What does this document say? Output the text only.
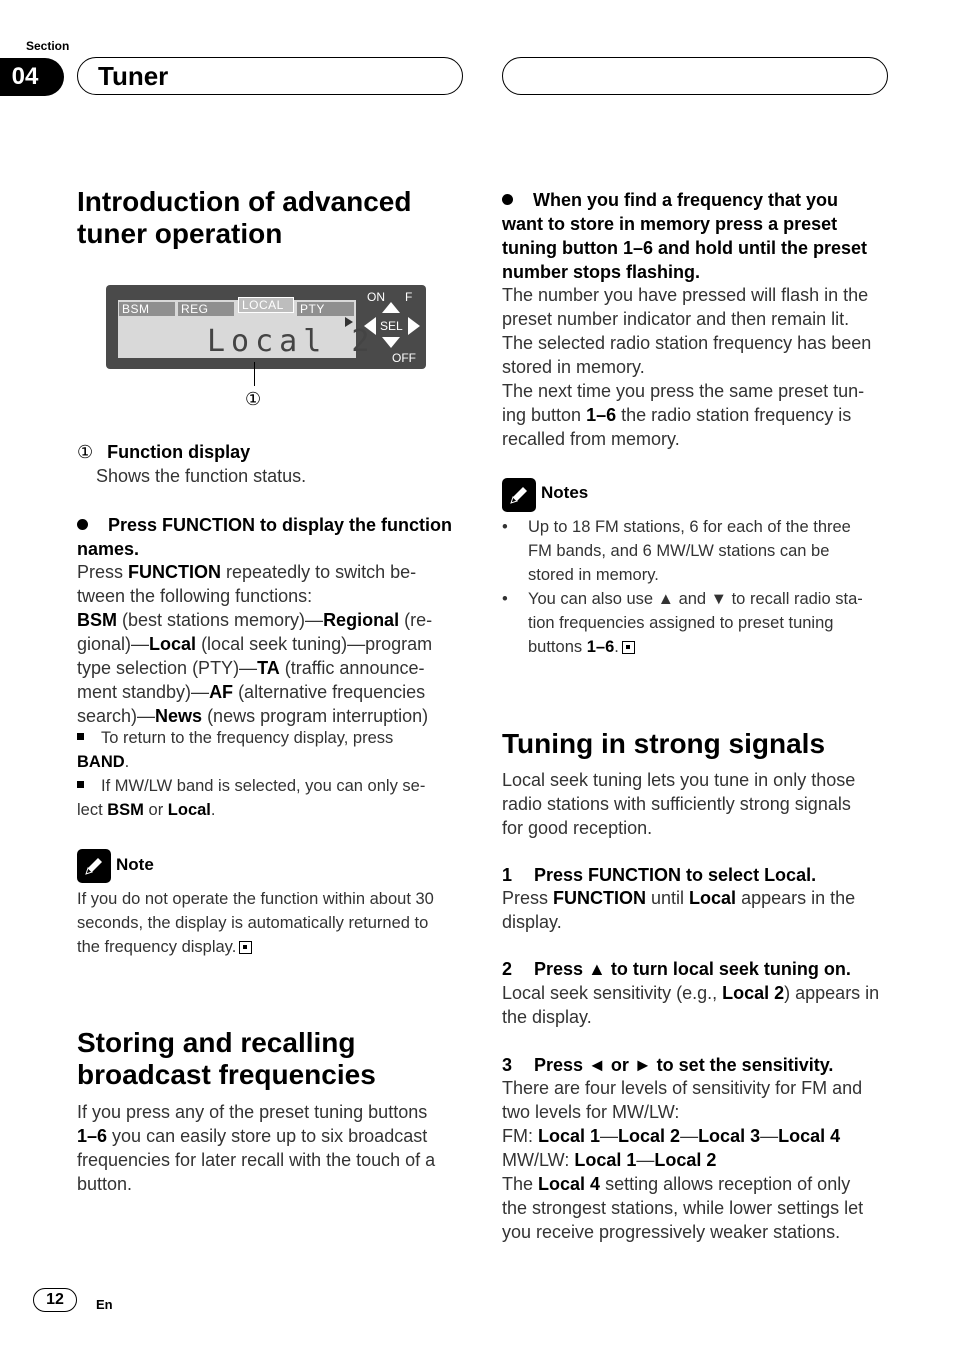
Section
04	Tuner
Introduction of advanced
tuner operation
BSM	REG	LOCAL	PTY
Local 2
ON F
SEL
OFF
①
① Function display
Shows the function status.
Press FUNCTION to display the function
names.
Press FUNCTION repeatedly to switch be-
tween the following functions:
BSM (best stations memory)—Regional (re-
gional)—Local (local seek tuning)—program
type selection (PTY)—TA (traffic announce-
ment standby)—AF (alternative frequencies
search)—News (news program interruption)
To return to the frequency display, press
BAND.
If MW/LW band is selected, you can only se-
lect BSM or Local.
Note
If you do not operate the function within about 30
seconds, the display is automatically returned to
the frequency display.
Storing and recalling
broadcast frequencies
If you press any of the preset tuning buttons
1–6 you can easily store up to six broadcast
frequencies for later recall with the touch of a
button.
When you find a frequency that you
want to store in memory press a preset
tuning button 1–6 and hold until the preset
number stops flashing.
The number you have pressed will flash in the
preset number indicator and then remain lit.
The selected radio station frequency has been
stored in memory.
The next time you press the same preset tun-
ing button 1–6 the radio station frequency is
recalled from memory.
Notes
•	Up to 18 FM stations, 6 for each of the three
FM bands, and 6 MW/LW stations can be
stored in memory.
•	You can also use ▲ and ▼ to recall radio sta-
tion frequencies assigned to preset tuning
buttons 1–6.
Tuning in strong signals
Local seek tuning lets you tune in only those
radio stations with sufficiently strong signals
for good reception.
1 Press FUNCTION to select Local.
Press FUNCTION until Local appears in the
display.
2 Press ▲ to turn local seek tuning on.
Local seek sensitivity (e.g., Local 2) appears in
the display.
3 Press ◄ or ► to set the sensitivity.
There are four levels of sensitivity for FM and
two levels for MW/LW:
FM: Local 1—Local 2—Local 3—Local 4
MW/LW: Local 1—Local 2
The Local 4 setting allows reception of only
the strongest stations, while lower settings let
you receive progressively weaker stations.
12	En
